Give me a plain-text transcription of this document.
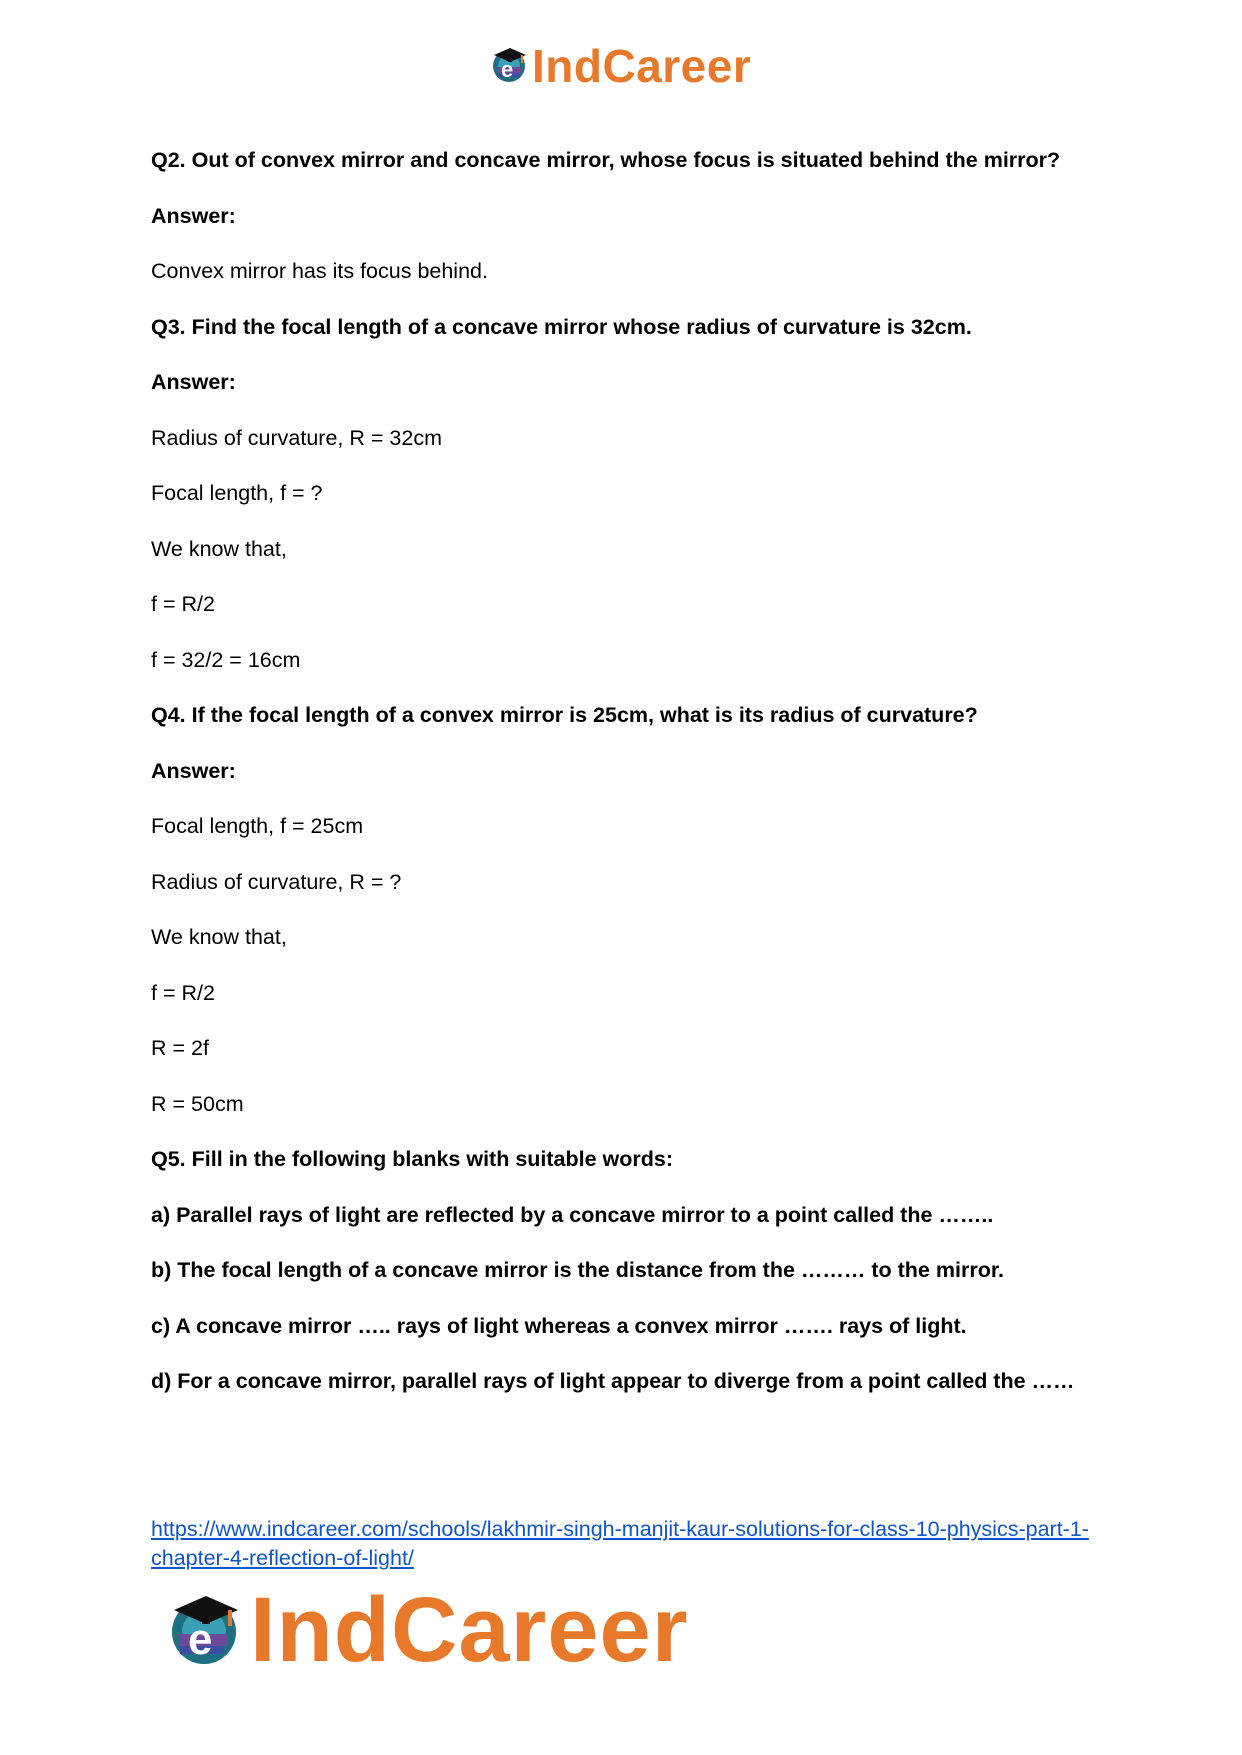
e IndCareer

Q2. Out of convex mirror and concave mirror, whose focus is situated behind the mirror?

Answer:

Convex mirror has its focus behind.

Q3. Find the focal length of a concave mirror whose radius of curvature is 32cm.

Answer:

Radius of curvature, R = 32cm

Focal length, f = ?

We know that,

f = R/2

f = 32/2 = 16cm

Q4. If the focal length of a convex mirror is 25cm, what is its radius of curvature?

Answer:

Focal length, f = 25cm

Radius of curvature, R = ?

We know that,

f = R/2

R = 2f

R = 50cm

Q5. Fill in the following blanks with suitable words:

a) Parallel rays of light are reflected by a concave mirror to a point called the ……..

b) The focal length of a concave mirror is the distance from the ……… to the mirror.

c) A concave mirror ….. rays of light whereas a convex mirror ……. rays of light.

d) For a concave mirror, parallel rays of light appear to diverge from a point called the ……

https://www.indcareer.com/schools/lakhmir-singh-manjit-kaur-solutions-for-class-10-physics-part-1-chapter-4-reflection-of-light/
e IndCareer
